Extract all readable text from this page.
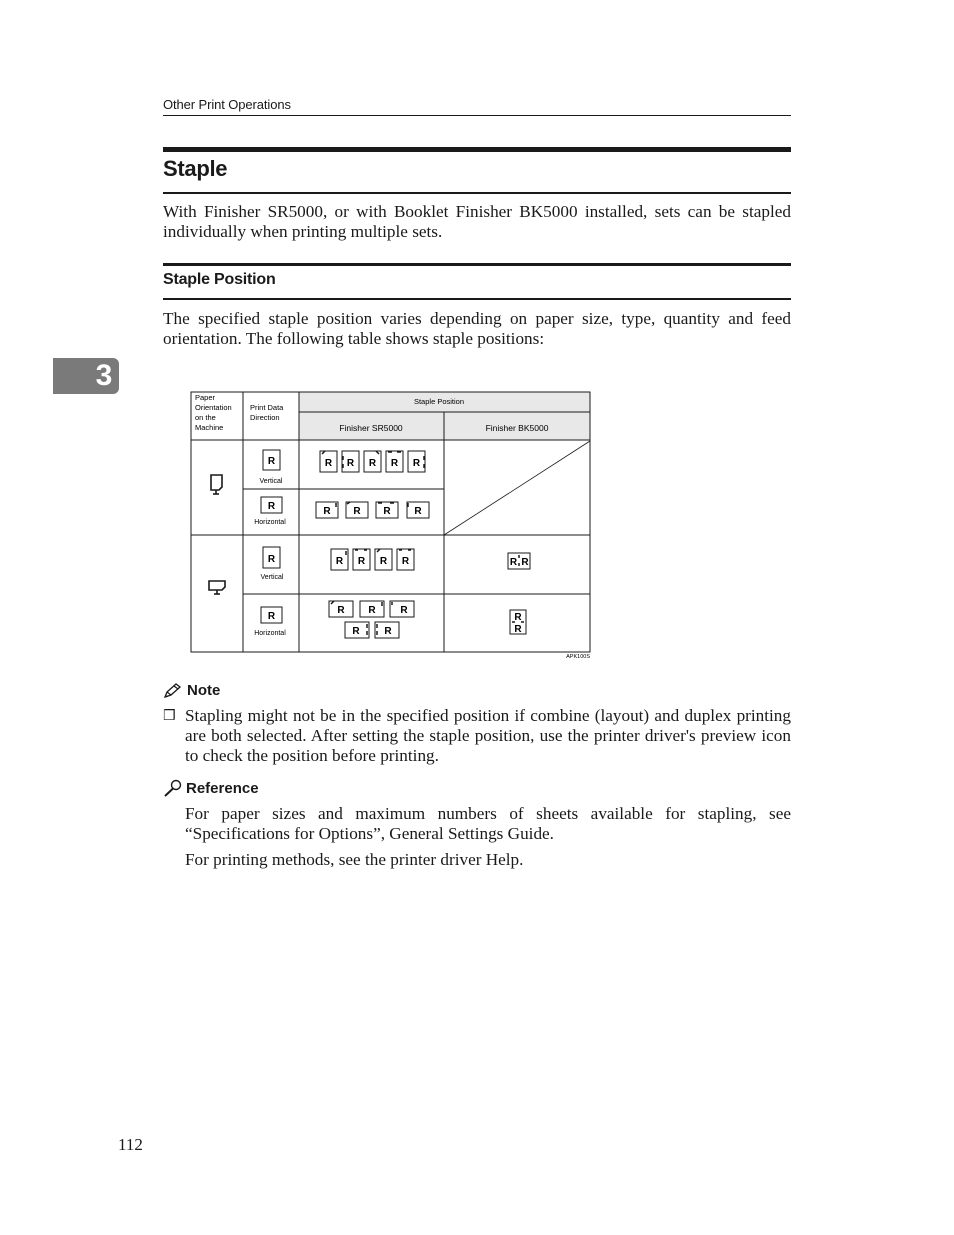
Other Print Operations
3
Staple

With Finisher SR5000, or with Booklet Finisher BK5000 installed, sets can be stapled individually when printing multiple sets.

Staple Position

The specified staple position varies depending on paper size, type, quantity and feed orientation. The following table shows staple positions:

Paper
Orientation
on the
Machine
Print Data
Direction
Staple Position
Finisher SR5000	Finisher BK5000
R
Vertical
R
Horizontal
R
Vertical
R
Horizontal
R R R R R
R R R R
R R R R
R R R
R R
R R
R
R
APK100S
Note
❒ Stapling might not be in the specified position if combine (layout) and duplex printing are both selected. After setting the staple position, use the printer driver's preview icon to check the position before printing.

Reference

For paper sizes and maximum numbers of sheets available for stapling, see “Specifications for Options”, General Settings Guide.

For printing methods, see the printer driver Help.

112
